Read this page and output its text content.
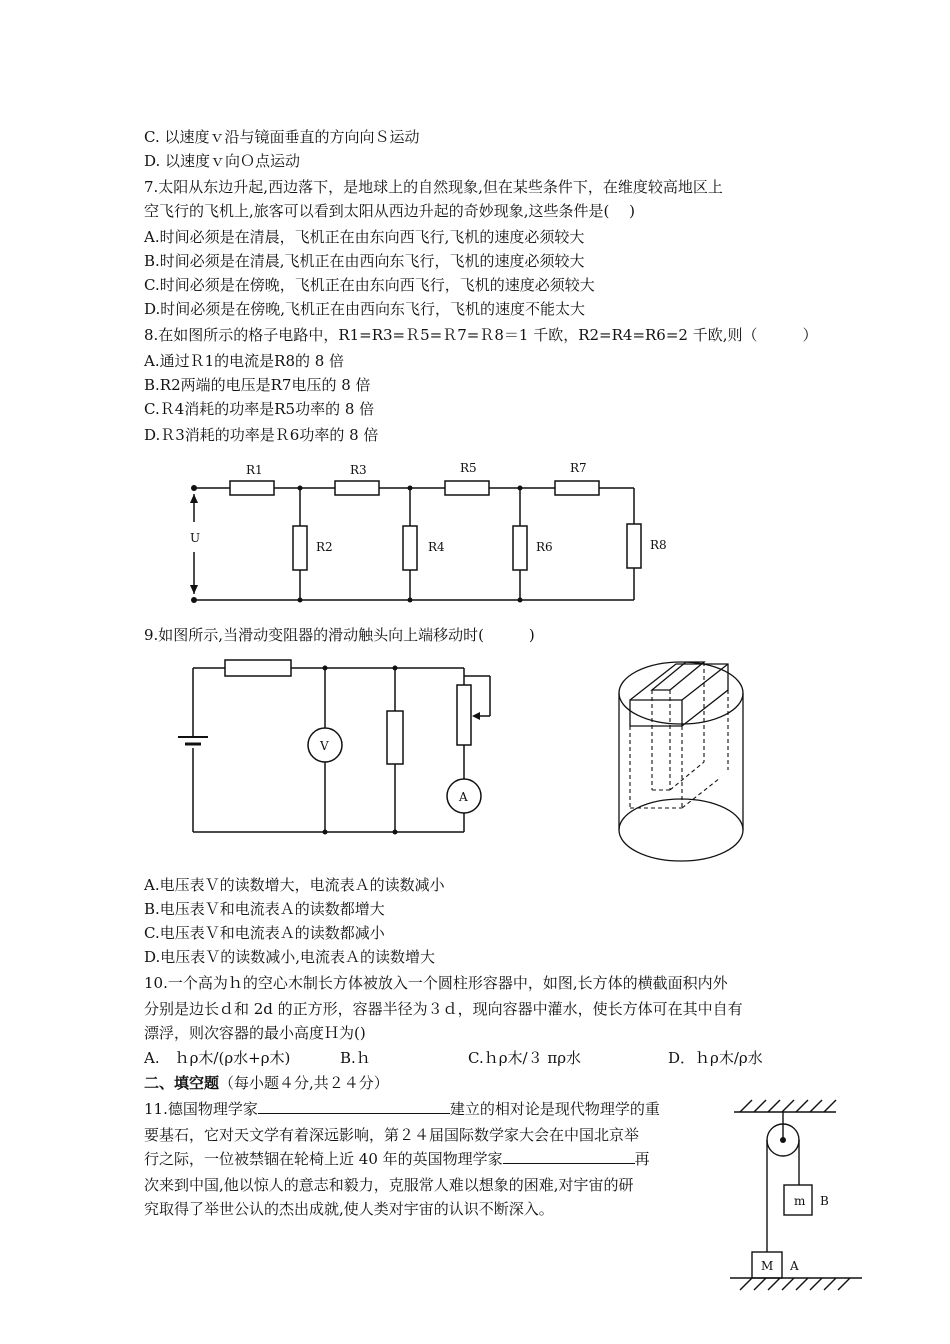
C. 以速度ｖ沿与镜面垂直的方向向Ｓ运动
D. 以速度ｖ向Ｏ点运动
7.太阳从东边升起,西边落下，是地球上的自然现象,但在某些条件下，在维度较高地区上
空飞行的飞机上,旅客可以看到太阳从西边升起的奇妙现象,这些条件是(　 )
A.时间必须是在清晨，飞机正在由东向西飞行,飞机的速度必须较大
B.时间必须是在清晨,飞机正在由西向东飞行，飞机的速度必须较大
C.时间必须是在傍晚，飞机正在由东向西飞行，飞机的速度必须较大
D.时间必须是在傍晚,飞机正在由西向东飞行，飞机的速度不能太大
8.在如图所示的格子电路中，R1=R3=Ｒ5=Ｒ7=Ｒ8＝1 千欧，R2=R4=R6=2 千欧,则（　　　）
A.通过Ｒ1的电流是R8的 8 倍
B.R2两端的电压是R7电压的 8 倍
C.Ｒ4消耗的功率是R5功率的 8 倍
D.Ｒ3消耗的功率是Ｒ6功率的 8 倍
R1	R3	R5	R7
R2	R4	R6	R8
U
9.如图所示,当滑动变阻器的滑动触头向上端移动时(　　　)
V
A
A.电压表Ｖ的读数增大，电流表Ａ的读数减小
B.电压表Ｖ和电流表Ａ的读数都增大
C.电压表Ｖ和电流表Ａ的读数都减小
D.电压表Ｖ的读数减小,电流表Ａ的读数增大
10.一个高为ｈ的空心木制长方体被放入一个圆柱形容器中，如图,长方体的横截面积内外
分别是边长ｄ和 2d 的正方形，容器半径为３ｄ，现向容器中灌水，使长方体可在其中自有
漂浮，则次容器的最小高度Ｈ为()
A.　ｈρ木/(ρ水+ρ木)	B.ｈ	C.ｈρ木/３ πρ水	D．ｈρ木/ρ水
二、填空题（每小题４分,共２４分）
11.德国物理学家	建立的相对论是现代物理学的重
要基石，它对天文学有着深远影响，第２４届国际数学家大会在中国北京举
行之际，一位被禁锢在轮椅上近 40 年的英国物理学家	再
次来到中国,他以惊人的意志和毅力，克服常人难以想象的困难,对宇宙的研
究取得了举世公认的杰出成就,使人类对宇宙的认识不断深入。	m B
M A
